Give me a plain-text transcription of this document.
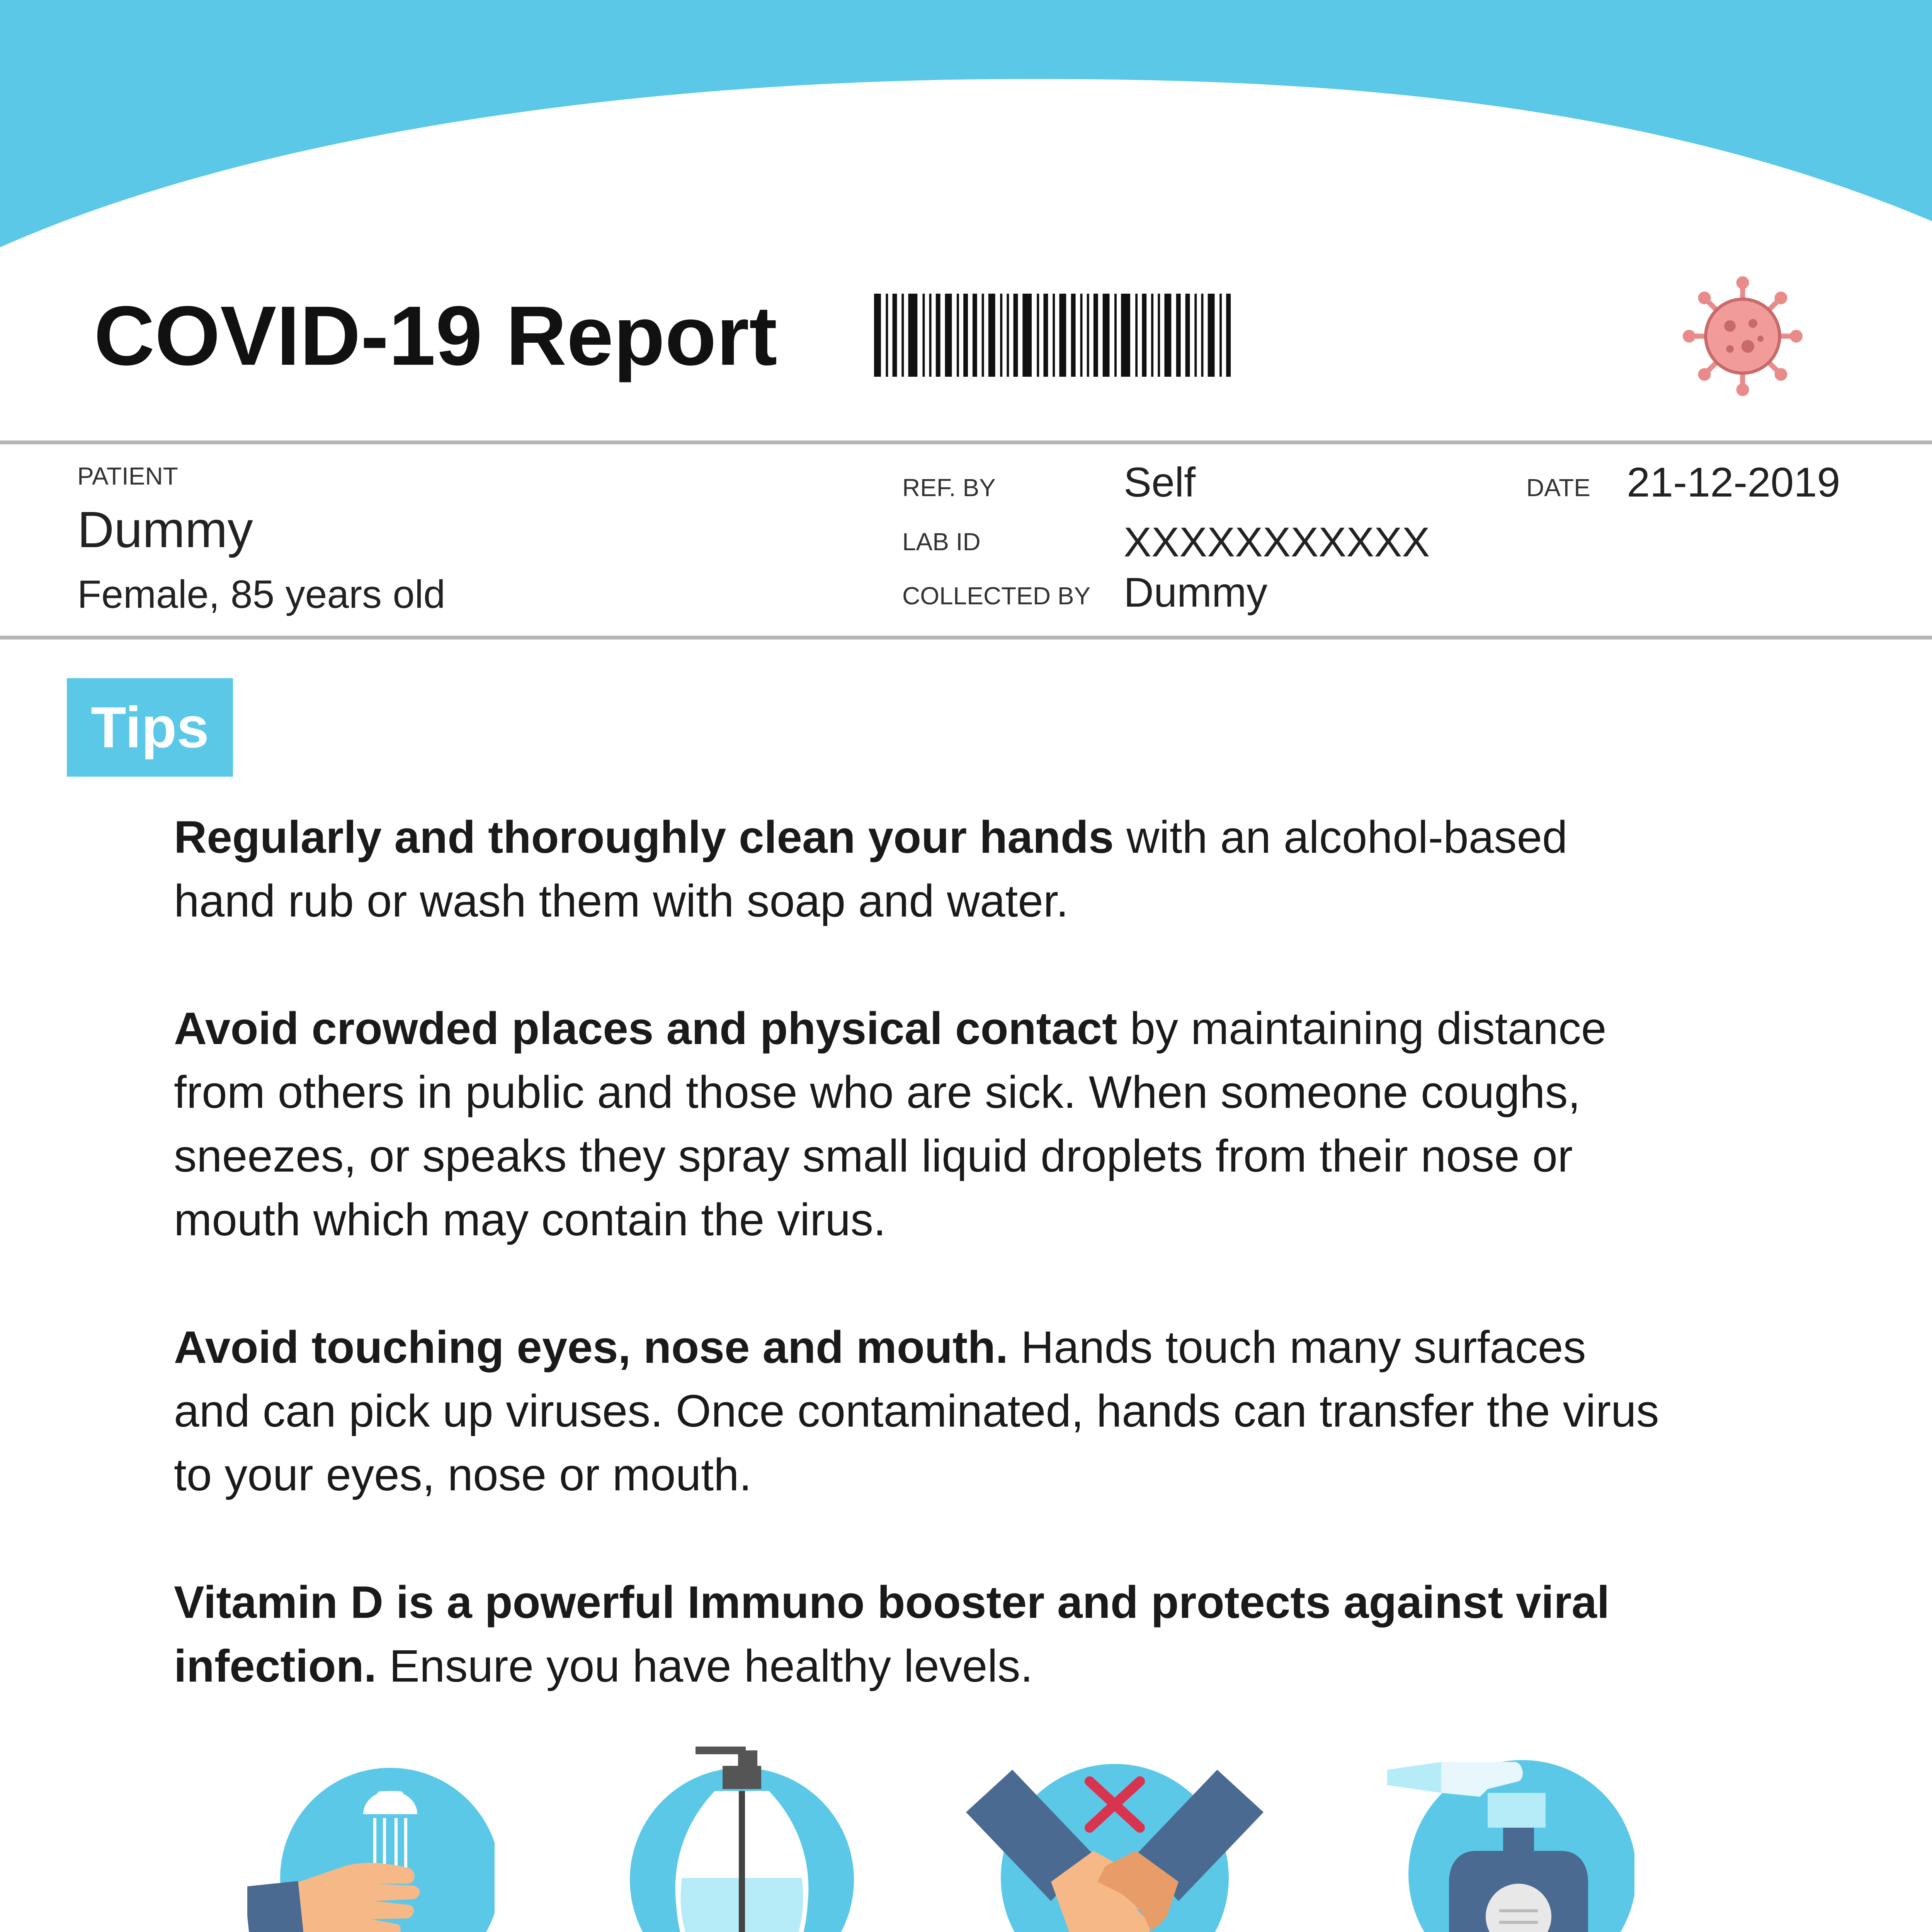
COVID-19 Report
PATIENT
Dummy
Female, 85 years old
REF. BY	Self
LAB ID	XXXXXXXXXXX
COLLECTED BY Dummy
DATE 21-12-2019
Tips
Regularly and thoroughly clean your hands with an alcohol-based hand rub or wash them with soap and water.
Avoid crowded places and physical contact by maintaining distance from others in public and those who are sick. When someone coughs, sneezes, or speaks they spray small liquid droplets from their nose or mouth which may contain the virus.
Avoid touching eyes, nose and mouth. Hands touch many surfaces and can pick up viruses. Once contaminated, hands can transfer the virus to your eyes, nose or mouth.
Vitamin D is a powerful Immuno booster and protects against viral infection. Ensure you have healthy levels.
